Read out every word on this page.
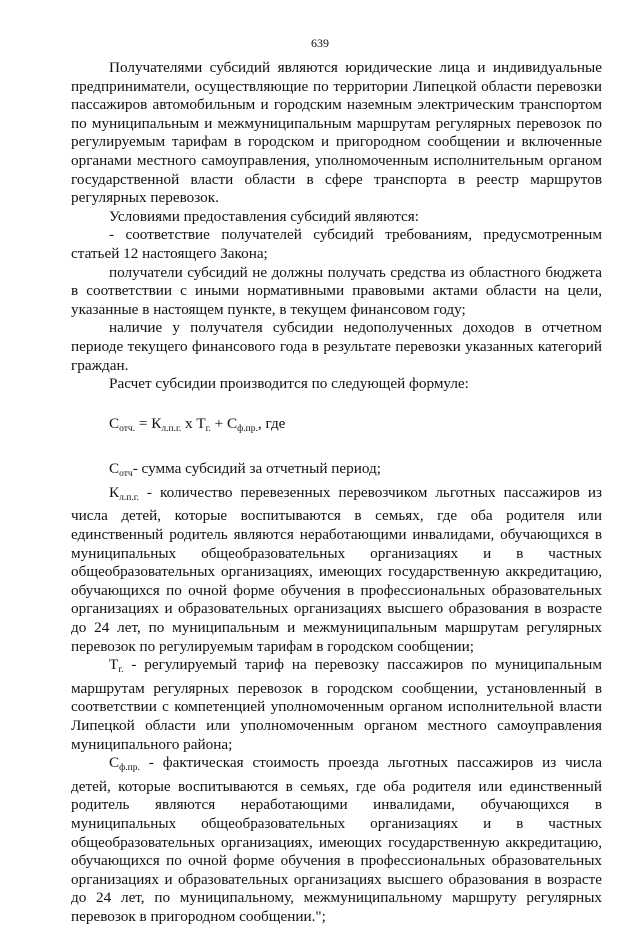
639

Получателями субсидий являются юридические лица и индивидуальные предприниматели, осуществляющие по территории Липецкой области перевозки пассажиров автомобильным и городским наземным электрическим транспортом по муниципальным и межмуниципальным маршрутам регулярных перевозок по регулируемым тарифам в городском и пригородном сообщении и включенные органами местного самоуправления, уполномоченным исполнительным органом государственной власти области в сфере транспорта в реестр маршрутов регулярных перевозок.

Условиями предоставления субсидий являются:

- соответствие получателей субсидий требованиям, предусмотренным статьей 12 настоящего Закона;

получатели субсидий не должны получать средства из областного бюджета в соответствии с иными нормативными правовыми актами области на цели, указанные в настоящем пункте, в текущем финансовом году;

наличие у получателя субсидии недополученных доходов в отчетном периоде текущего финансового года в результате перевозки указанных категорий граждан.

Расчет субсидии производится по следующей формуле:

$С_{отч.} = К_{л.п.г.}$ x $Т_{г.} + С_{ф.пр.}$, где

$С_{отч}-$ сумма субсидий за отчетный период;

$К_{л.п.г.}$ - количество перевезенных перевозчиком льготных пассажиров из числа детей, которые воспитываются в семьях, где оба родителя или единственный родитель являются неработающими инвалидами, обучающихся в муниципальных общеобразовательных организациях и в частных общеобразовательных организациях, имеющих государственную аккредитацию, обучающихся по очной форме обучения в профессиональных образовательных организациях и образовательных организациях высшего образования в возрасте до 24 лет, по муниципальным и межмуниципальным маршрутам регулярных перевозок по регулируемым тарифам в городском сообщении;

$Т_{г.}$ - регулируемый тариф на перевозку пассажиров по муниципальным маршрутам регулярных перевозок в городском сообщении, установленный в соответствии с компетенцией уполномоченным органом исполнительной власти Липецкой области или уполномоченным органом местного самоуправления муниципального района;

$С_{ф.пр.}$ - фактическая стоимость проезда льготных пассажиров из числа детей, которые воспитываются в семьях, где оба родителя или единственный родитель являются неработающими инвалидами, обучающихся в муниципальных общеобразовательных организациях и в частных общеобразовательных организациях, имеющих государственную аккредитацию, обучающихся по очной форме обучения в профессиональных образовательных организациях и образовательных организациях высшего образования в возрасте до 24 лет, по муниципальному, межмуниципальному маршруту регулярных перевозок в пригородном сообщении.";
